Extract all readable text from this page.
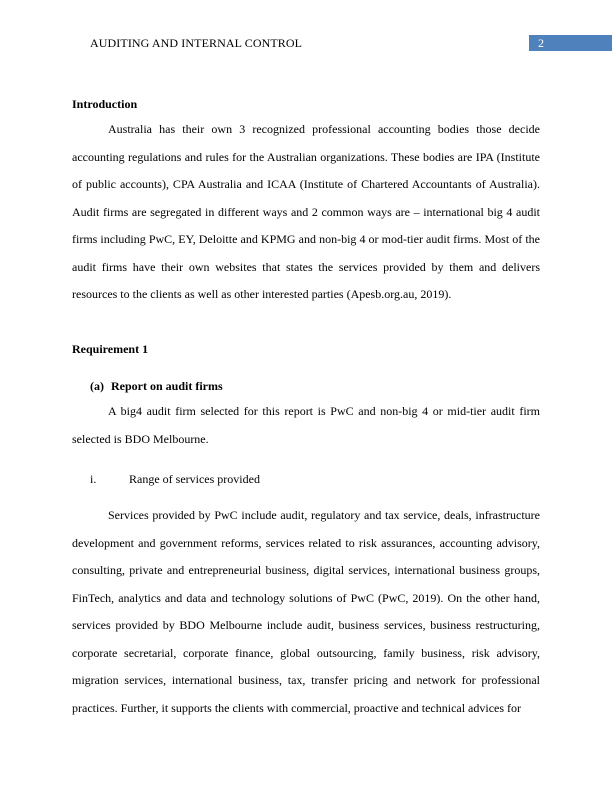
AUDITING AND INTERNAL CONTROL	2
Introduction

Australia has their own 3 recognized professional accounting bodies those decide accounting regulations and rules for the Australian organizations. These bodies are IPA (Institute of public accounts), CPA Australia and ICAA (Institute of Chartered Accountants of Australia). Audit firms are segregated in different ways and 2 common ways are – international big 4 audit firms including PwC, EY, Deloitte and KPMG and non-big 4 or mod-tier audit firms. Most of the audit firms have their own websites that states the services provided by them and delivers resources to the clients as well as other interested parties (Apesb.org.au, 2019).

Requirement 1
(a) Report on audit firms

A big4 audit firm selected for this report is PwC and non-big 4 or mid-tier audit firm selected is BDO Melbourne.

i.	Range of services provided

Services provided by PwC include audit, regulatory and tax service, deals, infrastructure development and government reforms, services related to risk assurances, accounting advisory, consulting, private and entrepreneurial business, digital services, international business groups, FinTech, analytics and data and technology solutions of PwC (PwC, 2019). On the other hand, services provided by BDO Melbourne include audit, business services, business restructuring, corporate secretarial, corporate finance, global outsourcing, family business, risk advisory, migration services, international business, tax, transfer pricing and network for professional practices. Further, it supports the clients with commercial, proactive and technical advices for
